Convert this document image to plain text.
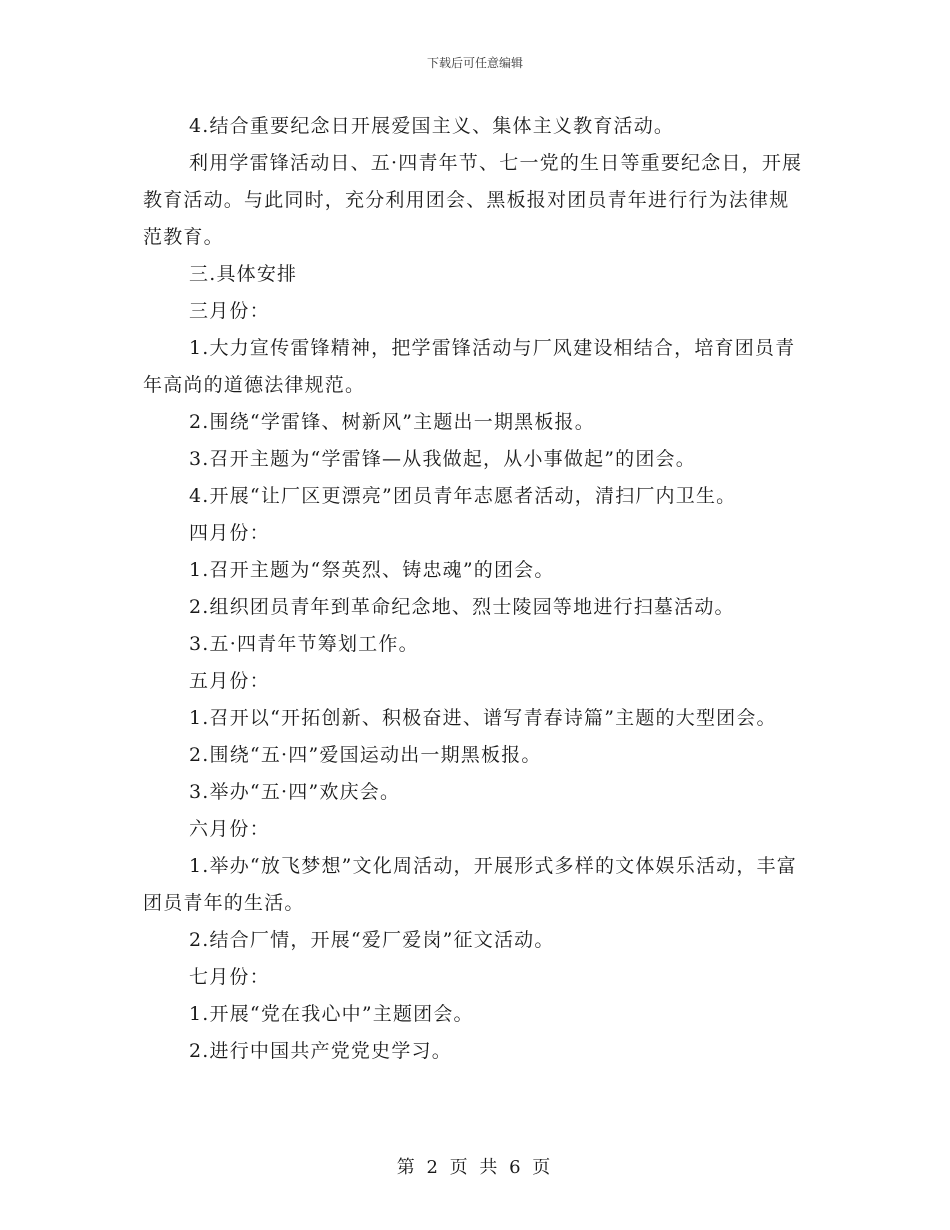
下载后可任意编辑

4.结合重要纪念日开展爱国主义、集体主义教育活动。

利用学雷锋活动日、五·四青年节、七一党的生日等重要纪念日，开展教育活动。与此同时，充分利用团会、黑板报对团员青年进行行为法律规范教育。

三.具体安排

三月份：

1.大力宣传雷锋精神，把学雷锋活动与厂风建设相结合，培育团员青年高尚的道德法律规范。

2.围绕“学雷锋、树新风”主题出一期黑板报。

3.召开主题为“学雷锋—从我做起，从小事做起”的团会。

4.开展“让厂区更漂亮”团员青年志愿者活动，清扫厂内卫生。

四月份：

1.召开主题为“祭英烈、铸忠魂”的团会。

2.组织团员青年到革命纪念地、烈士陵园等地进行扫墓活动。

3.五·四青年节筹划工作。

五月份：

1.召开以“开拓创新、积极奋进、谱写青春诗篇”主题的大型团会。

2.围绕“五·四”爱国运动出一期黑板报。

3.举办“五·四”欢庆会。

六月份：

1.举办“放飞梦想”文化周活动，开展形式多样的文体娱乐活动，丰富团员青年的生活。

2.结合厂情，开展“爱厂爱岗”征文活动。

七月份：

1.开展“党在我心中”主题团会。

2.进行中国共产党党史学习。

第 2 页 共 6 页
